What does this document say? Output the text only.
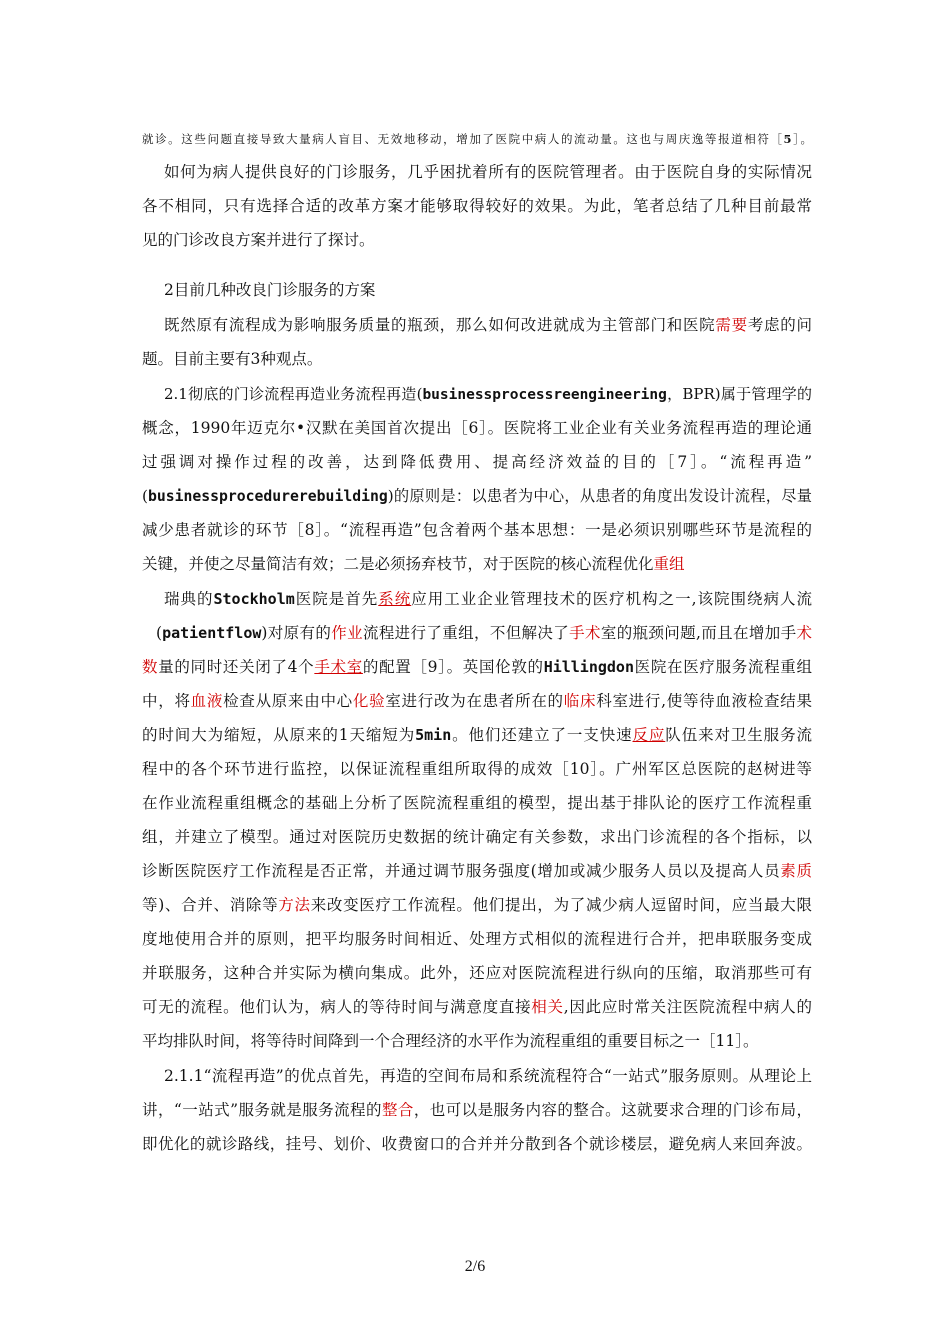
就诊。这些问题直接导致大量病人盲目、无效地移动，增加了医院中病人的流动量。这也与周庆逸等报道相符［5］。
如何为病人提供良好的门诊服务，几乎困扰着所有的医院管理者。由于医院自身的实际情况
各不相同，只有选择合适的改革方案才能够取得较好的效果。为此，笔者总结了几种目前最常
见的门诊改良方案并进行了探讨。
2目前几种改良门诊服务的方案
既然原有流程成为影响服务质量的瓶颈，那么如何改进就成为主管部门和医院需要考虑的问
题。目前主要有3种观点。
2.1彻底的门诊流程再造业务流程再造(businessprocessreengineering，BPR)属于管理学的
概念，1990年迈克尔•汉默在美国首次提出［6］。医院将工业企业有关业务流程再造的理论通
过强调对操作过程的改善，达到降低费用、提高经济效益的目的［7］。“流程再造”
(businessprocedurerebuilding)的原则是：以患者为中心，从患者的角度出发设计流程，尽量
减少患者就诊的环节［8］。“流程再造”包含着两个基本思想：一是必须识别哪些环节是流程的
关键，并使之尽量简洁有效；二是必须扬弃枝节，对于医院的核心流程优化重组
瑞典的Stockholm医院是首先系统应用工业企业管理技术的医疗机构之一,该院围绕病人流
(patientflow)对原有的作业流程进行了重组，不但解决了手术室的瓶颈问题,而且在增加手术
数量的同时还关闭了4个手术室的配置［9］。英国伦敦的Hillingdon医院在医疗服务流程重组
中，将血液检查从原来由中心化验室进行改为在患者所在的临床科室进行,使等待血液检查结果
的时间大为缩短，从原来的1天缩短为5min。他们还建立了一支快速反应队伍来对卫生服务流
程中的各个环节进行监控，以保证流程重组所取得的成效［10］。广州军区总医院的赵树进等
在作业流程重组概念的基础上分析了医院流程重组的模型，提出基于排队论的医疗工作流程重
组，并建立了模型。通过对医院历史数据的统计确定有关参数，求出门诊流程的各个指标，以
诊断医院医疗工作流程是否正常，并通过调节服务强度(增加或减少服务人员以及提高人员素质
等)、合并、消除等方法来改变医疗工作流程。他们提出，为了减少病人逗留时间，应当最大限
度地使用合并的原则，把平均服务时间相近、处理方式相似的流程进行合并，把串联服务变成
并联服务，这种合并实际为横向集成。此外，还应对医院流程进行纵向的压缩，取消那些可有
可无的流程。他们认为，病人的等待时间与满意度直接相关,因此应时常关注医院流程中病人的
平均排队时间，将等待时间降到一个合理经济的水平作为流程重组的重要目标之一［11］。
2.1.1“流程再造”的优点首先，再造的空间布局和系统流程符合“一站式”服务原则。从理论上
讲，“一站式”服务就是服务流程的整合，也可以是服务内容的整合。这就要求合理的门诊布局，
即优化的就诊路线，挂号、划价、收费窗口的合并并分散到各个就诊楼层，避免病人来回奔波。
2/6
